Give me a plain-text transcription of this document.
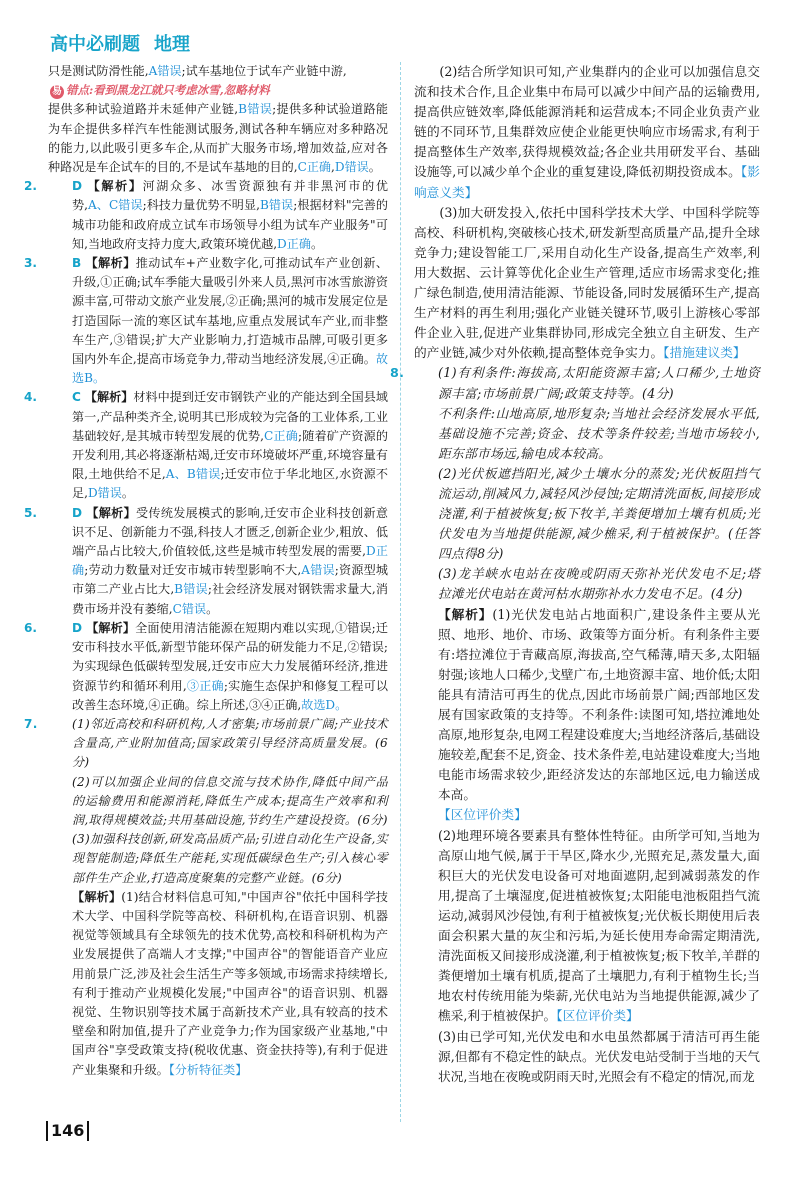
高中必刷题 地理

只是测试防滑性能,A错误;试车基地位于试车产业链中游,

易 错点:看到黑龙江就只考虑冰雪,忽略材料

提供多种试验道路并未延伸产业链,B错误;提供多种试验道路能为车企提供多样汽车性能测试服务,测试各种车辆应对多种路况的能力,以此吸引更多车企,从而扩大服务市场,增加效益,应对各种路况是车企试车的目的,不是试车基地的目的,C正确,D错误。

2.	D 【解析】河湖众多、冰雪资源独有并非黑河市的优势,A、C错误;科技力量优势不明显,B错误;根据材料"完善的城市功能和政府成立试车市场领导小组为试车产业服务"可知,当地政府支持力度大,政策环境优越,D正确。

3.	B 【解析】推动试车+产业数字化,可推动试车产业创新、升级,①正确;试车季能大量吸引外来人员,黑河市冰雪旅游资源丰富,可带动文旅产业发展,②正确;黑河的城市发展定位是打造国际一流的寒区试车基地,应重点发展试车产业,而非整车生产,③错误;扩大产业影响力,打造城市品牌,可吸引更多国内外车企,提高市场竞争力,带动当地经济发展,④正确。故选B。

4.	C 【解析】材料中提到迁安市钢铁产业的产能达到全国县域第一,产品种类齐全,说明其已形成较为完备的工业体系,工业基础较好,是其城市转型发展的优势,C正确;随着矿产资源的开发利用,其必将逐渐枯竭,迁安市环境破坏严重,环境容量有限,土地供给不足,A、B错误;迁安市位于华北地区,水资源不足,D错误。

5.	D 【解析】受传统发展模式的影响,迁安市企业科技创新意识不足、创新能力不强,科技人才匮乏,创新企业少,粗放、低端产品占比较大,价值较低,这些是城市转型发展的需要,D正确;劳动力数量对迁安市城市转型影响不大,A错误;资源型城市第二产业占比大,B错误;社会经济发展对钢铁需求量大,消费市场并没有萎缩,C错误。

6.	D 【解析】全面使用清洁能源在短期内难以实现,①错误;迁安市科技水平低,新型节能环保产品的研发能力不足,②错误;为实现绿色低碳转型发展,迁安市应大力发展循环经济,推进资源节约和循环利用,③正确;实施生态保护和修复工程可以改善生态环境,④正确。综上所述,③④正确,故选D。

7.	(1)邻近高校和科研机构,人才密集;市场前景广阔;产业技术含量高,产业附加值高;国家政策引导经济高质量发展。(6分)

(2)可以加强企业间的信息交流与技术协作,降低中间产品的运输费用和能源消耗,降低生产成本;提高生产效率和利润,取得规模效益;共用基础设施,节约生产建设投资。(6分)

(3)加强科技创新,研发高品质产品;引进自动化生产设备,实现智能制造;降低生产能耗,实现低碳绿色生产;引入核心零部件生产企业,打造高度聚集的完整产业链。(6分)

【解析】(1)结合材料信息可知,"中国声谷"依托中国科学技术大学、中国科学院等高校、科研机构,在语音识别、机器视觉等领域具有全球领先的技术优势,高校和科研机构为产业发展提供了高端人才支撑;"中国声谷"的智能语音产业应用前景广泛,涉及社会生活生产等多领域,市场需求持续增长,有利于推动产业规模化发展;"中国声谷"的语音识别、机器视觉、生物识别等技术属于高新技术产业,具有较高的技术壁垒和附加值,提升了产业竞争力;作为国家级产业基地,"中国声谷"享受政策支持(税收优惠、资金扶持等),有利于促进产业集聚和升级。【分析特征类】

(2)结合所学知识可知,产业集群内的企业可以加强信息交流和技术合作,且企业集中布局可以减少中间产品的运输费用,提高供应链效率,降低能源消耗和运营成本;不同企业负责产业链的不同环节,且集群效应使企业能更快响应市场需求,有利于提高整体生产效率,获得规模效益;各企业共用研发平台、基础设施等,可以减少单个企业的重复建设,降低初期投资成本。【影响意义类】

(3)加大研发投入,依托中国科学技术大学、中国科学院等高校、科研机构,突破核心技术,研发新型高质量产品,提升全球竞争力;建设智能工厂,采用自动化生产设备,提高生产效率,利用大数据、云计算等优化企业生产管理,适应市场需求变化;推广绿色制造,使用清洁能源、节能设备,同时发展循环生产,提高生产材料的再生利用;强化产业链关键环节,吸引上游核心零部件企业入驻,促进产业集群协同,形成完全独立自主研发、生产的产业链,减少对外依赖,提高整体竞争实力。【措施建议类】

8.	(1)有利条件:海拔高,太阳能资源丰富;人口稀少,土地资源丰富;市场前景广阔;政策支持等。(4分)

不利条件:山地高原,地形复杂;当地社会经济发展水平低,基础设施不完善;资金、技术等条件较差;当地市场较小,距东部市场远,输电成本较高。

(2)光伏板遮挡阳光,减少土壤水分的蒸发;光伏板阻挡气流运动,削减风力,减轻风沙侵蚀;定期清洗面板,间接形成浇灌,利于植被恢复;板下牧羊,羊粪便增加土壤有机质;光伏发电为当地提供能源,减少樵采,利于植被保护。(任答四点得8分)

(3)龙羊峡水电站在夜晚或阴雨天弥补光伏发电不足;塔拉滩光伏电站在黄河枯水期弥补水力发电不足。(4分)

【解析】(1)光伏发电站占地面积广,建设条件主要从光照、地形、地价、市场、政策等方面分析。有利条件主要有:塔拉滩位于青藏高原,海拔高,空气稀薄,晴天多,太阳辐射强;该地人口稀少,戈壁广布,土地资源丰富、地价低;太阳能具有清洁可再生的优点,因此市场前景广阔;西部地区发展有国家政策的支持等。不利条件:读图可知,塔拉滩地处高原,地形复杂,电网工程建设难度大;当地经济落后,基础设施较差,配套不足,资金、技术条件差,电站建设难度大;当地电能市场需求较少,距经济发达的东部地区远,电力输送成本高。

【区位评价类】

(2)地理环境各要素具有整体性特征。由所学可知,当地为高原山地气候,属于干旱区,降水少,光照充足,蒸发量大,面积巨大的光伏发电设备可对地面遮阴,起到减弱蒸发的作用,提高了土壤湿度,促进植被恢复;太阳能电池板阻挡气流运动,减弱风沙侵蚀,有利于植被恢复;光伏板长期使用后表面会积累大量的灰尘和污垢,为延长使用寿命需定期清洗,清洗面板又间接形成浇灌,利于植被恢复;板下牧羊,羊群的粪便增加土壤有机质,提高了土壤肥力,有利于植物生长;当地农村传统用能为柴薪,光伏电站为当地提供能源,减少了樵采,利于植被保护。【区位评价类】

(3)由已学可知,光伏发电和水电虽然都属于清洁可再生能源,但都有不稳定性的缺点。光伏发电站受制于当地的天气状况,当地在夜晚或阴雨天时,光照会有不稳定的情况,而龙

146
